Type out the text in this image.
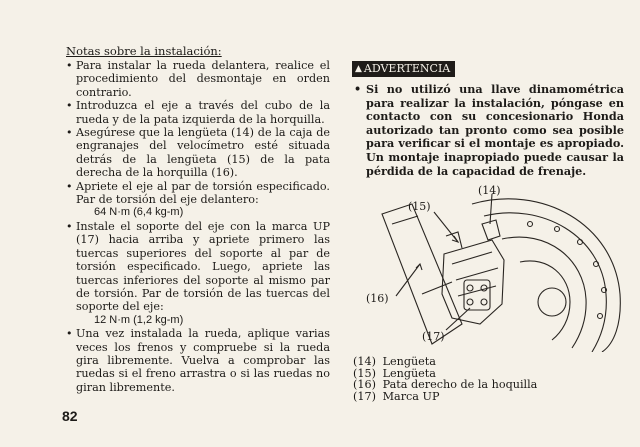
Notas sobre la instalación:
• Para instalar la rueda delantera, realice el procedimiento del desmontaje en orden contrario.
• Introduzca el eje a través del cubo de la rueda y de la pata izquierda de la horquilla.
• Asegúrese que la lengüeta (14) de la caja de engranajes del velocímetro esté situada detrás de la lengüeta (15) de la pata derecha de la horquilla (16).
• Apriete el eje al par de torsión especificado. Par de torsión del eje delantero:
64 N·m (6,4 kg-m)
• Instale el soporte del eje con la marca UP (17) hacia arriba y apriete primero las tuercas superiores del soporte al par de torsión especificado. Luego, apriete las tuercas inferiores del soporte al mismo par de torsión. Par de torsión de las tuercas del soporte del eje:
12 N·m (1,2 kg-m)
• Una vez instalada la rueda, aplique varias veces los frenos y compruebe si la rueda gira libremente. Vuelva a comprobar las ruedas si el freno arrastra o si las ruedas no giran libremente.
82
▲ ADVERTENCIA

• Si no utilizó una llave dinamométrica para realizar la instalación, póngase en contacto con su concesionario Honda autorizado tan pronto como sea posible para verificar si el montaje es apropiado. Un montaje inapropiado puede causar la pérdida de la capacidad de frenaje.

(14)
(15)
(16)
(17)
(14) Lengüeta
(15) Lengüeta
(16) Pata derecho de la hoquilla
(17) Marca UP
